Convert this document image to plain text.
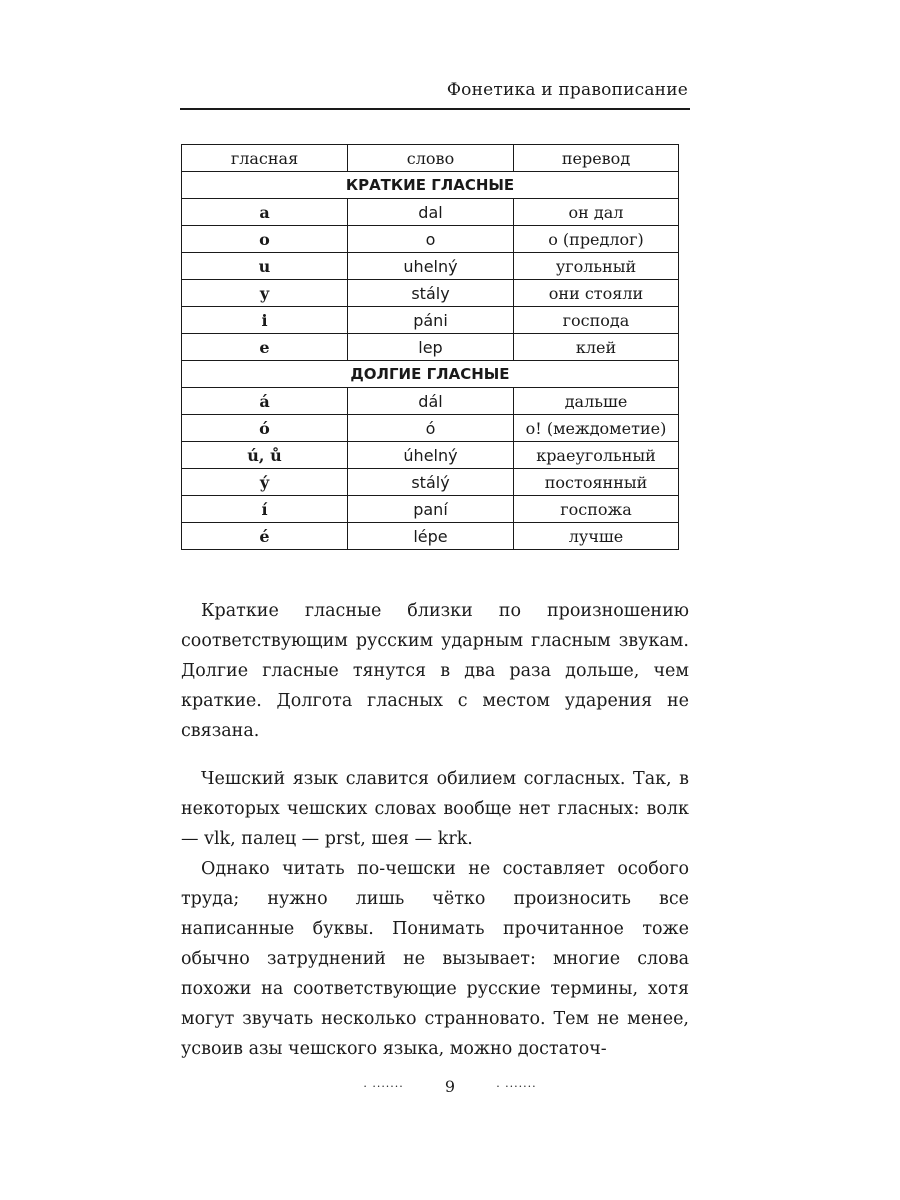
Фонетика и правописание
гласная	слово	перевод
КРАТКИЕ ГЛАСНЫЕ		
a	dal	он дал
o	o	о (предлог)
u	uhelný	угольный
y	stály	они стояли
i	páni	господа
e	lep	клей
ДОЛГИЕ ГЛАСНЫЕ		
á	dál	дальше
ó	ó	о! (междометие)
ú, ů	úhelný	краеугольный
ý	stálý	постоянный
í	paní	госпожа
é	lépe	лучше

Краткие гласные близки по произношению соответствующим русским ударным гласным звукам. Долгие гласные тянутся в два раза дольше, чем краткие. Долгота гласных с местом ударения не связана.

Чешский язык славится обилием согласных. Так, в некоторых чешских словах вообще нет гласных: волк — vlk, палец — prst, шея — krk.

Однако читать по-чешски не составляет особого труда; нужно лишь чётко произносить все написанные буквы. Понимать прочитанное тоже обычно затруднений не вызывает: многие слова похожи на соответствующие русские термины, хотя могут звучать несколько странновато. Тем не менее, усвоив азы чешского языка, можно достаточ-

· ·······	9	· ·······
